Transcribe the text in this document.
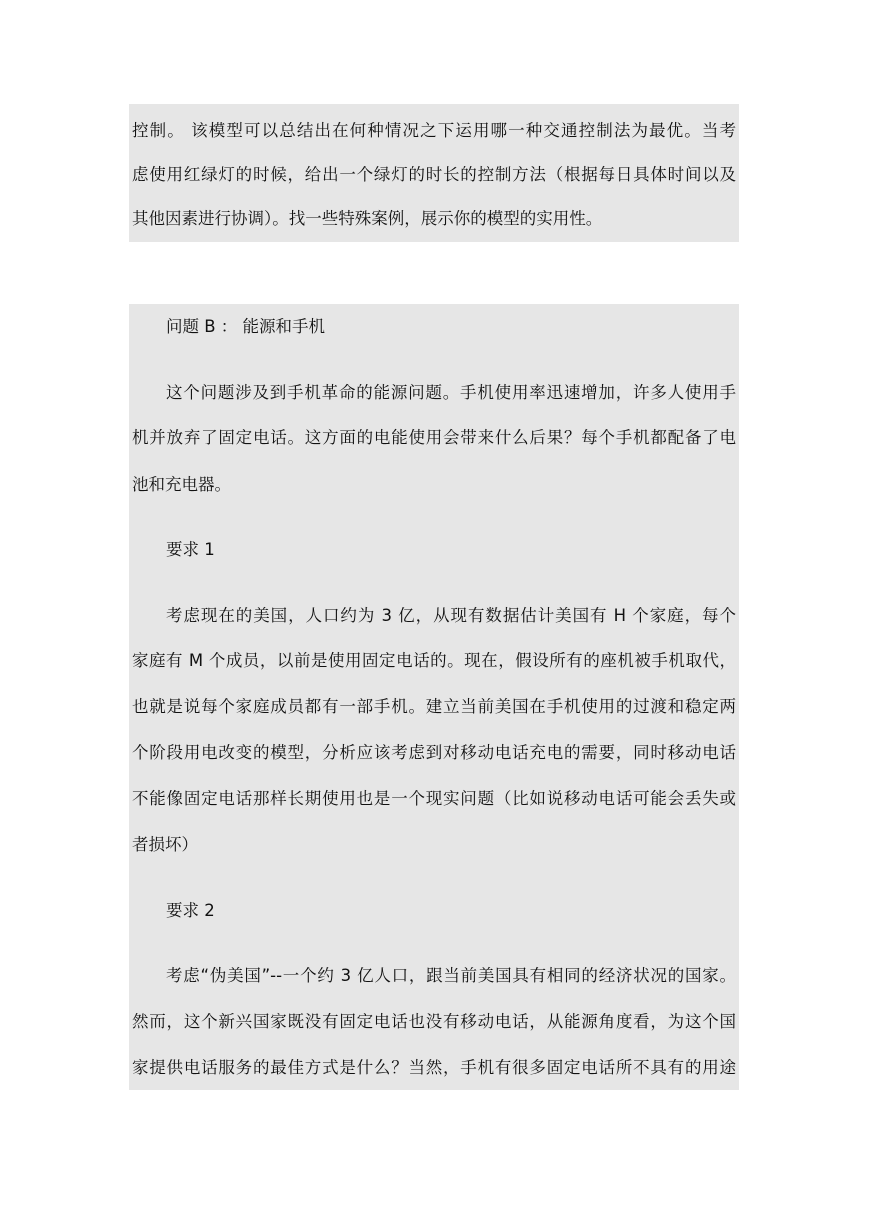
控制。 该模型可以总结出在何种情况之下运用哪一种交通控制法为最优。当考
虑使用红绿灯的时候，给出一个绿灯的时长的控制方法（根据每日具体时间以及
其他因素进行协调）。找一些特殊案例，展示你的模型的实用性。
问题 B ： 能源和手机
这个问题涉及到手机革命的能源问题。手机使用率迅速增加，许多人使用手
机并放弃了固定电话。这方面的电能使用会带来什么后果？每个手机都配备了电
池和充电器。
要求 1
考虑现在的美国，人口约为 3 亿，从现有数据估计美国有 H 个家庭，每个
家庭有 M 个成员，以前是使用固定电话的。现在，假设所有的座机被手机取代，
也就是说每个家庭成员都有一部手机。建立当前美国在手机使用的过渡和稳定两
个阶段用电改变的模型，分析应该考虑到对移动电话充电的需要，同时移动电话
不能像固定电话那样长期使用也是一个现实问题（比如说移动电话可能会丢失或
者损坏）
要求 2
考虑“伪美国”--一个约 3 亿人口，跟当前美国具有相同的经济状况的国家。
然而，这个新兴国家既没有固定电话也没有移动电话，从能源角度看，为这个国
家提供电话服务的最佳方式是什么？当然，手机有很多固定电话所不具有的用途
